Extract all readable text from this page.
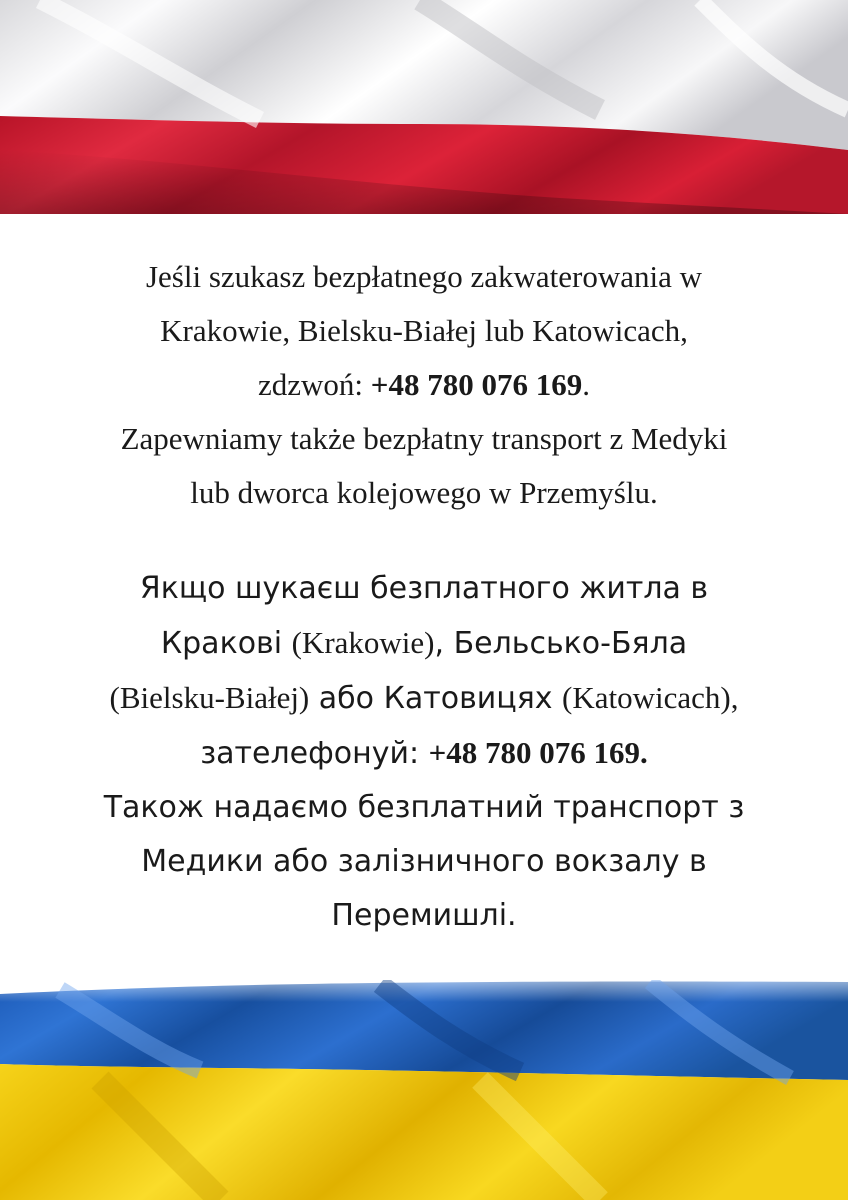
Jeśli szukasz bezpłatnego zakwaterowania w
Krakowie, Bielsku-Białej lub Katowicach,
zdzwoń: +48 780 076 169.
Zapewniamy także bezpłatny transport z Medyki
lub dworca kolejowego w Przemyślu.
Якщо шукаєш безплатного житла в
Кракові (Krakowie), Бельсько-Бяла
(Bielsku-Białej) або Катовицях (Katowicach),
зателефонуй: +48 780 076 169.
Також надаємо безплатний транспорт з
Медики або залізничного вокзалу в
Перемишлі.
